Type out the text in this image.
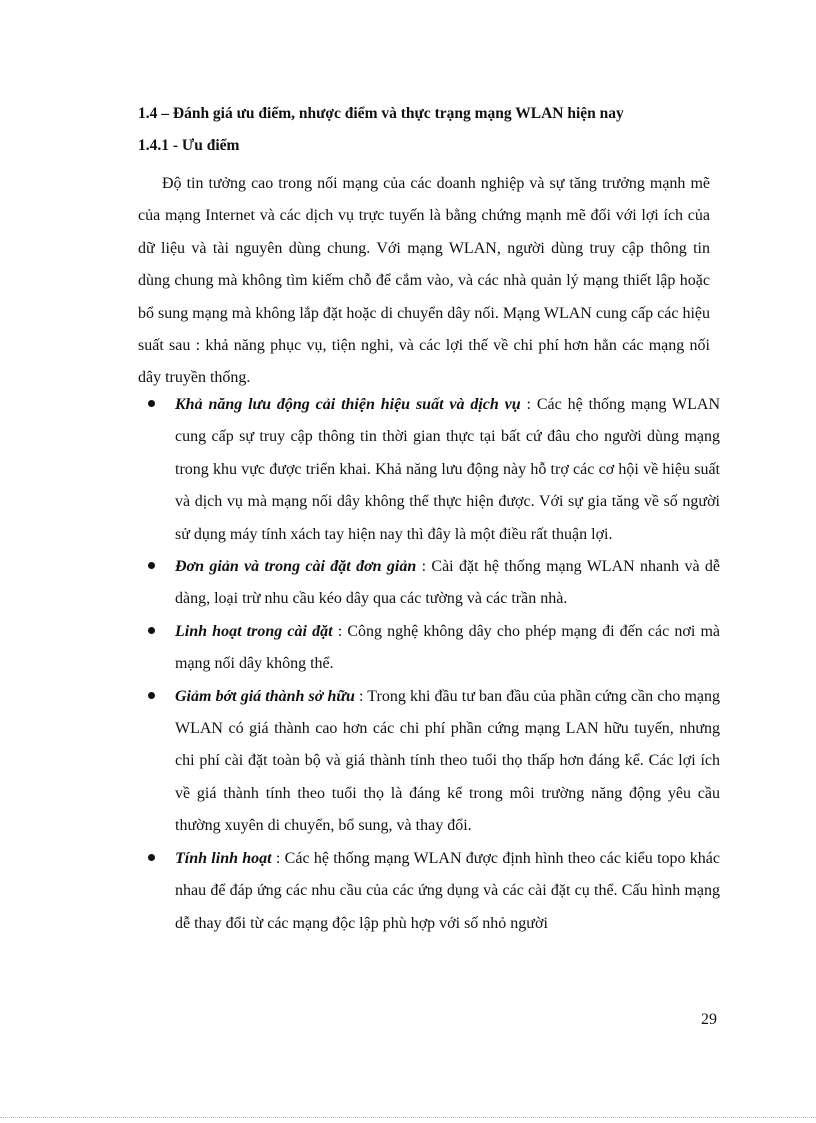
1.4 – Đánh giá ưu điểm, nhược điểm và thực trạng mạng WLAN hiện nay
1.4.1 - Ưu điểm

Độ tin tưởng cao trong nối mạng của các doanh nghiệp và sự tăng trưởng mạnh mẽ của mạng Internet và các dịch vụ trực tuyến là bằng chứng mạnh mẽ đối với lợi ích của dữ liệu và tài nguyên dùng chung. Với mạng WLAN, người dùng truy cập thông tin dùng chung mà không tìm kiếm chỗ để cắm vào, và các nhà quản lý mạng thiết lập hoặc bổ sung mạng mà không lắp đặt hoặc di chuyển dây nối. Mạng WLAN cung cấp các hiệu suất sau : khả năng phục vụ, tiện nghi, và các lợi thế về chi phí hơn hẳn các mạng nối dây truyền thống.

Khả năng lưu động cải thiện hiệu suất và dịch vụ : Các hệ thống mạng WLAN cung cấp sự truy cập thông tin thời gian thực tại bất cứ đâu cho người dùng mạng trong khu vực được triển khai. Khả năng lưu động này hỗ trợ các cơ hội về hiệu suất và dịch vụ mà mạng nối dây không thể thực hiện được. Với sự gia tăng về số người sử dụng máy tính xách tay hiện nay thì đây là một điều rất thuận lợi.
Đơn giản và trong cài đặt đơn giản : Cài đặt hệ thống mạng WLAN nhanh và dễ dàng, loại trừ nhu cầu kéo dây qua các tường và các trần nhà.
Linh hoạt trong cài đặt : Công nghệ không dây cho phép mạng đi đến các nơi mà mạng nối dây không thể.
Giảm bớt giá thành sở hữu : Trong khi đầu tư ban đầu của phần cứng cần cho mạng WLAN có giá thành cao hơn các chi phí phần cứng mạng LAN hữu tuyến, nhưng chi phí cài đặt toàn bộ và giá thành tính theo tuổi thọ thấp hơn đáng kể. Các lợi ích về giá thành tính theo tuổi thọ là đáng kể trong môi trường năng động yêu cầu thường xuyên di chuyển, bổ sung, và thay đổi.
Tính linh hoạt : Các hệ thống mạng WLAN được định hình theo các kiểu topo khác nhau để đáp ứng các nhu cầu của các ứng dụng và các cài đặt cụ thể. Cấu hình mạng dễ thay đổi từ các mạng độc lập phù hợp với số nhỏ người
29
